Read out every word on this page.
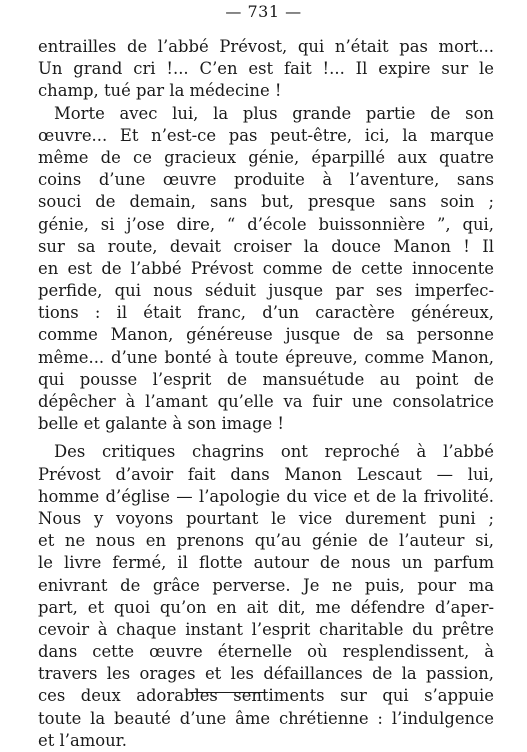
— 731 —
entrailles de l’abbé Prévost, qui n’était pas mort...
Un grand cri !... C’en est fait !... Il expire sur le
champ, tué par la médecine !
Morte avec lui, la plus grande partie de son
œuvre... Et n’est-ce pas peut-être, ici, la marque
même de ce gracieux génie, éparpillé aux quatre
coins d’une œuvre produite à l’aventure, sans
souci de demain, sans but, presque sans soin ;
génie, si j’ose dire, “ d’école buissonnière ”, qui,
sur sa route, devait croiser la douce Manon ! Il
en est de l’abbé Prévost comme de cette innocente
perfide, qui nous séduit jusque par ses imperfec-
tions : il était franc, d’un caractère généreux,
comme Manon, généreuse jusque de sa personne
même... d’une bonté à toute épreuve, comme Manon,
qui pousse l’esprit de mansuétude au point de
dépêcher à l’amant qu’elle va fuir une consolatrice
belle et galante à son image !
Des critiques chagrins ont reproché à l’abbé
Prévost d’avoir fait dans Manon Lescaut — lui,
homme d’église — l’apologie du vice et de la frivolité.
Nous y voyons pourtant le vice durement puni ;
et ne nous en prenons qu’au génie de l’auteur si,
le livre fermé, il flotte autour de nous un parfum
enivrant de grâce perverse. Je ne puis, pour ma
part, et quoi qu’on en ait dit, me défendre d’aper-
cevoir à chaque instant l’esprit charitable du prêtre
dans cette œuvre éternelle où resplendissent, à
travers les orages et les défaillances de la passion,
ces deux adorables sentiments sur qui s’appuie
toute la beauté d’une âme chrétienne : l’indulgence
et l’amour.
